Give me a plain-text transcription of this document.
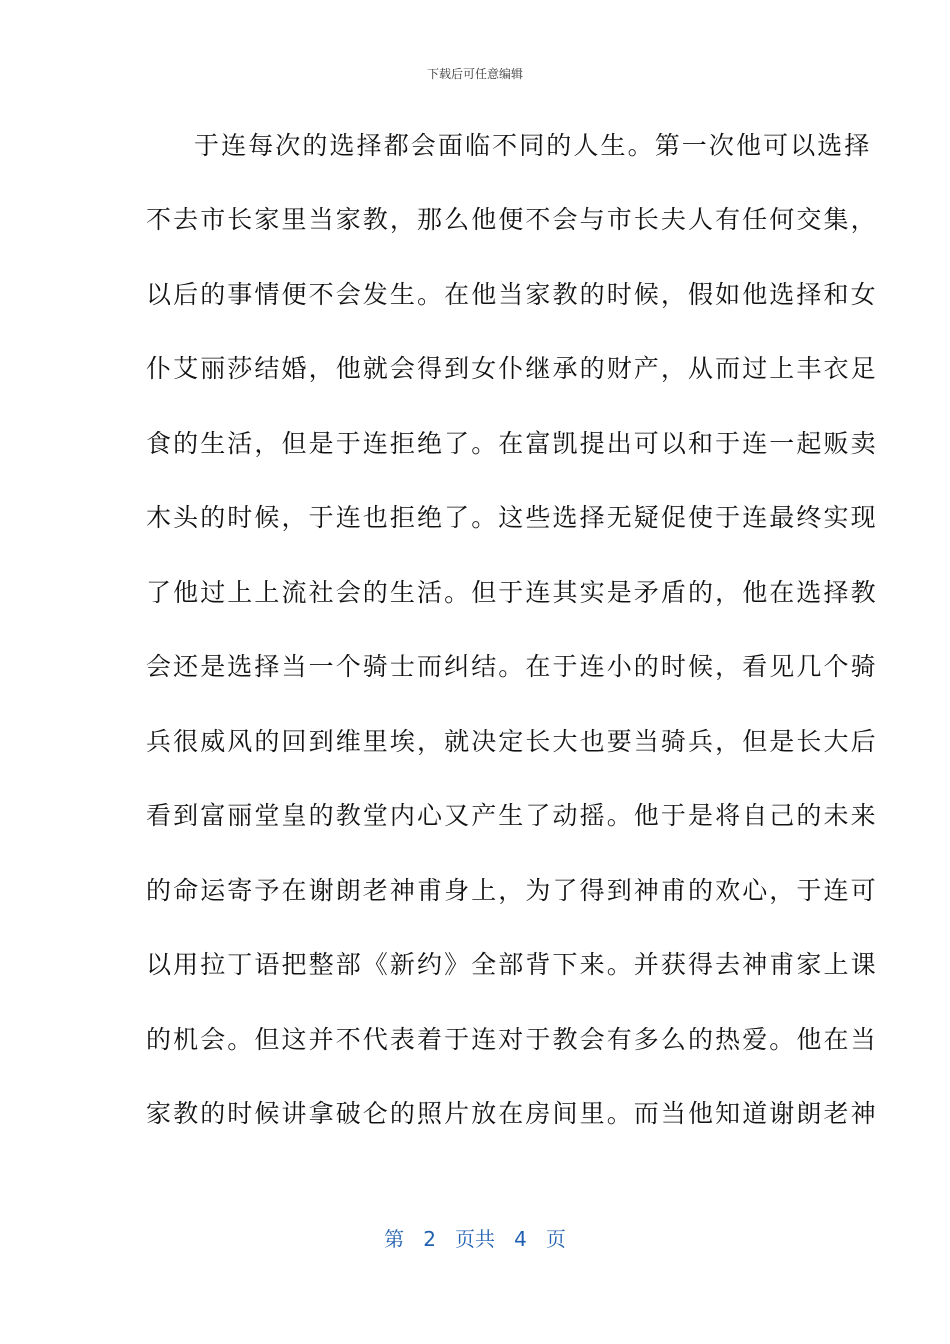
下载后可任意编辑
于连每次的选择都会面临不同的人生。第一次他可以选择
不去市长家里当家教，那么他便不会与市长夫人有任何交集，
以后的事情便不会发生。在他当家教的时候，假如他选择和女
仆艾丽莎结婚，他就会得到女仆继承的财产，从而过上丰衣足
食的生活，但是于连拒绝了。在富凯提出可以和于连一起贩卖
木头的时候，于连也拒绝了。这些选择无疑促使于连最终实现
了他过上上流社会的生活。但于连其实是矛盾的，他在选择教
会还是选择当一个骑士而纠结。在于连小的时候，看见几个骑
兵很威风的回到维里埃，就决定长大也要当骑兵，但是长大后
看到富丽堂皇的教堂内心又产生了动摇。他于是将自己的未来
的命运寄予在谢朗老神甫身上，为了得到神甫的欢心，于连可
以用拉丁语把整部《新约》全部背下来。并获得去神甫家上课
的机会。但这并不代表着于连对于教会有多么的热爱。他在当
家教的时候讲拿破仑的照片放在房间里。而当他知道谢朗老神
第 2 页共 4 页
